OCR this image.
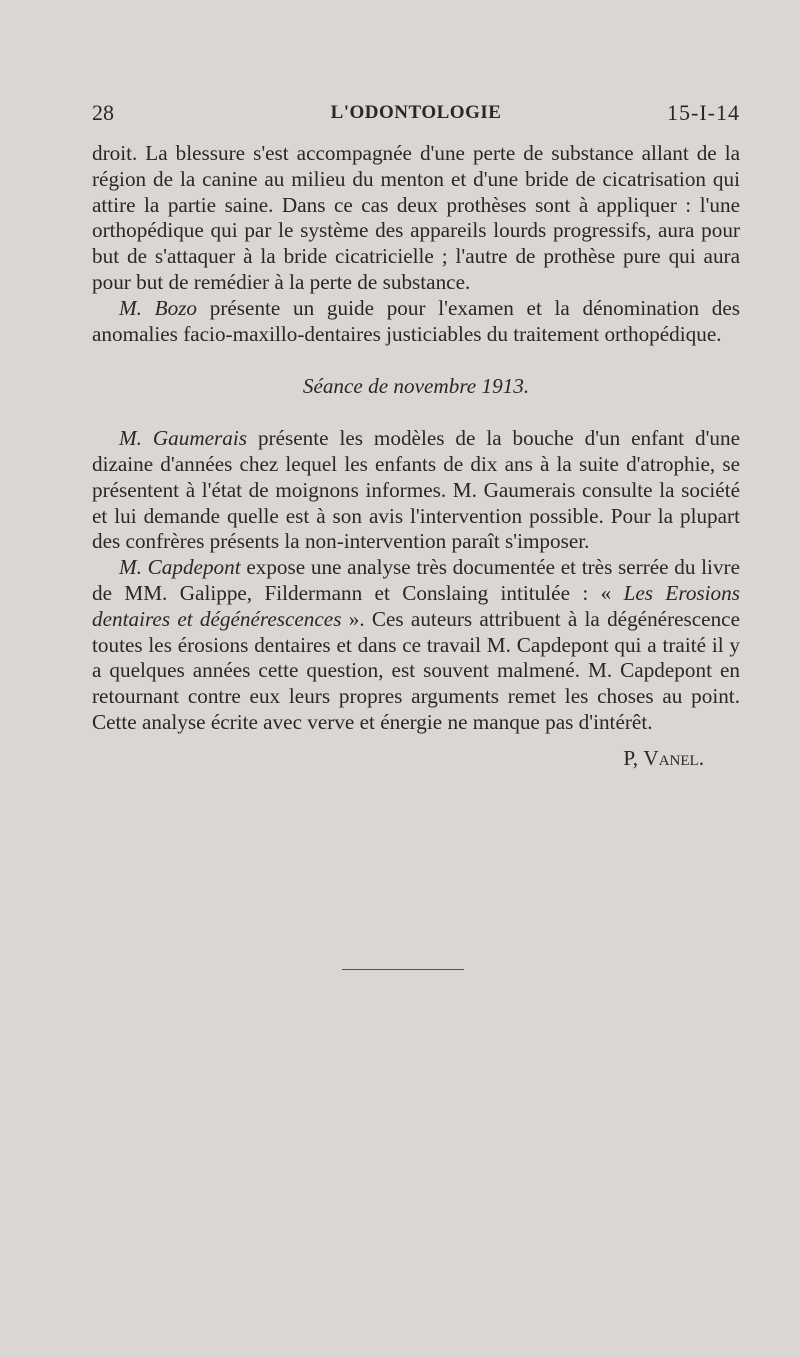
28	L'ODONTOLOGIE	15-I-14

droit. La blessure s'est accompagnée d'une perte de substance allant de la région de la canine au milieu du menton et d'une bride de cicatrisation qui attire la partie saine. Dans ce cas deux prothèses sont à appliquer : l'une orthopédique qui par le système des appareils lourds progressifs, aura pour but de s'attaquer à la bride cicatricielle ; l'autre de prothèse pure qui aura pour but de remédier à la perte de substance.

M. Bozo présente un guide pour l'examen et la dénomination des anomalies facio-maxillo-dentaires justiciables du traitement orthopédique.

Séance de novembre 1913.

M. Gaumerais présente les modèles de la bouche d'un enfant d'une dizaine d'années chez lequel les enfants de dix ans à la suite d'atrophie, se présentent à l'état de moignons informes. M. Gaumerais consulte la société et lui demande quelle est à son avis l'intervention possible. Pour la plupart des confrères présents la non-intervention paraît s'imposer.

M. Capdepont expose une analyse très documentée et très serrée du livre de MM. Galippe, Fildermann et Conslaing intitulée : « Les Erosions dentaires et dégénérescences ». Ces auteurs attribuent à la dégénérescence toutes les érosions dentaires et dans ce travail M. Capdepont qui a traité il y a quelques années cette question, est souvent malmené. M. Capdepont en retournant contre eux leurs propres arguments remet les choses au point. Cette analyse écrite avec verve et énergie ne manque pas d'intérêt.

P, Vanel.
